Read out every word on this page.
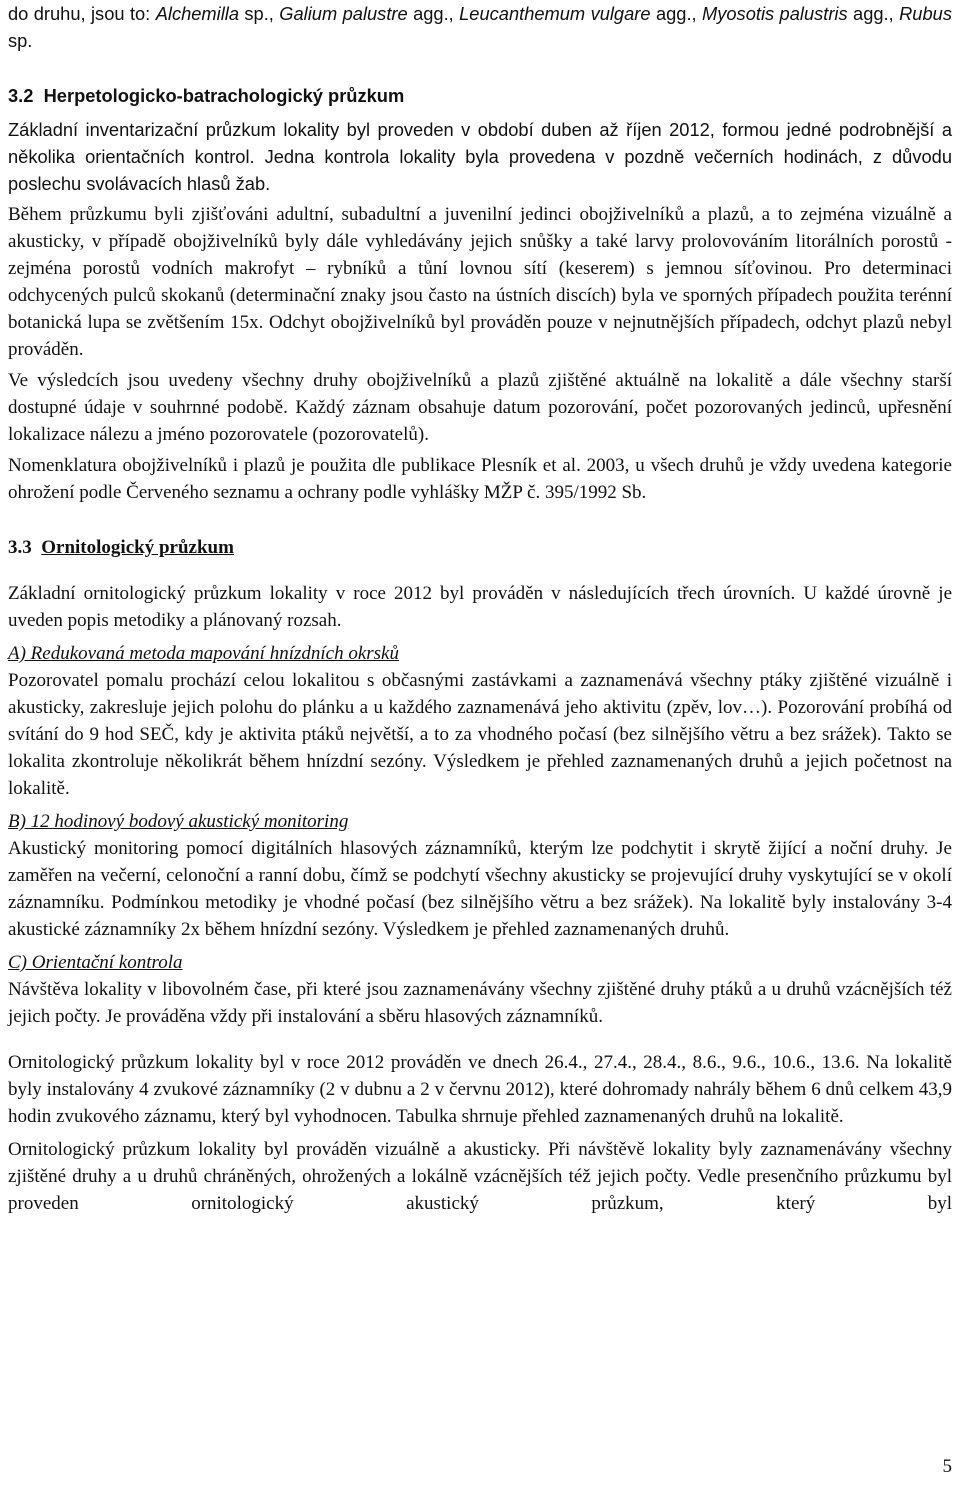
do druhu, jsou to: Alchemilla sp., Galium palustre agg., Leucanthemum vulgare agg., Myosotis palustris agg., Rubus sp.

3.2 Herpetologicko-batrachologický průzkum

Základní inventarizační průzkum lokality byl proveden v období duben až říjen 2012, formou jedné podrobnější a několika orientačních kontrol. Jedna kontrola lokality byla provedena v pozdně večerních hodinách, z důvodu poslechu svolávacích hlasů žab.

Během průzkumu byli zjišťováni adultní, subadultní a juvenilní jedinci obojživelníků a plazů, a to zejména vizuálně a akusticky, v případě obojživelníků byly dále vyhledávány jejich snůšky a také larvy prolovováním litorálních porostů - zejména porostů vodních makrofyt – rybníků a tůní lovnou sítí (keserem) s jemnou síťovinou. Pro determinaci odchycených pulců skokanů (determinační znaky jsou často na ústních discích) byla ve sporných případech použita terénní botanická lupa se zvětšením 15x. Odchyt obojživelníků byl prováděn pouze v nejnutnějších případech, odchyt plazů nebyl prováděn.

Ve výsledcích jsou uvedeny všechny druhy obojživelníků a plazů zjištěné aktuálně na lokalitě a dále všechny starší dostupné údaje v souhrnné podobě. Každý záznam obsahuje datum pozorování, počet pozorovaných jedinců, upřesnění lokalizace nálezu a jméno pozorovatele (pozorovatelů).

Nomenklatura obojživelníků i plazů je použita dle publikace Plesník et al. 2003, u všech druhů je vždy uvedena kategorie ohrožení podle Červeného seznamu a ochrany podle vyhlášky MŽP č. 395/1992 Sb.

3.3 Ornitologický průzkum

Základní ornitologický průzkum lokality v roce 2012 byl prováděn v následujících třech úrovních. U každé úrovně je uveden popis metodiky a plánovaný rozsah.

A) Redukovaná metoda mapování hnízdních okrsků

Pozorovatel pomalu prochází celou lokalitou s občasnými zastávkami a zaznamenává všechny ptáky zjištěné vizuálně i akusticky, zakresluje jejich polohu do plánku a u každého zaznamenává jeho aktivitu (zpěv, lov…). Pozorování probíhá od svítání do 9 hod SEČ, kdy je aktivita ptáků největší, a to za vhodného počasí (bez silnějšího větru a bez srážek). Takto se lokalita zkontroluje několikrát během hnízdní sezóny. Výsledkem je přehled zaznamenaných druhů a jejich početnost na lokalitě.

B) 12 hodinový bodový akustický monitoring

Akustický monitoring pomocí digitálních hlasových záznamníků, kterým lze podchytit i skrytě žijící a noční druhy. Je zaměřen na večerní, celonoční a ranní dobu, čímž se podchytí všechny akusticky se projevující druhy vyskytující se v okolí záznamníku. Podmínkou metodiky je vhodné počasí (bez silnějšího větru a bez srážek). Na lokalitě byly instalovány 3-4 akustické záznamníky 2x během hnízdní sezóny. Výsledkem je přehled zaznamenaných druhů.

C) Orientační kontrola

Návštěva lokality v libovolném čase, při které jsou zaznamenávány všechny zjištěné druhy ptáků a u druhů vzácnějších též jejich počty. Je prováděna vždy při instalování a sběru hlasových záznamníků.

Ornitologický průzkum lokality byl v roce 2012 prováděn ve dnech 26.4., 27.4., 28.4., 8.6., 9.6., 10.6., 13.6. Na lokalitě byly instalovány 4 zvukové záznamníky (2 v dubnu a 2 v červnu 2012), které dohromady nahrály během 6 dnů celkem 43,9 hodin zvukového záznamu, který byl vyhodnocen. Tabulka shrnuje přehled zaznamenaných druhů na lokalitě.

Ornitologický průzkum lokality byl prováděn vizuálně a akusticky. Při návštěvě lokality byly zaznamenávány všechny zjištěné druhy a u druhů chráněných, ohrožených a lokálně vzácnějších též jejich počty. Vedle presenčního průzkumu byl proveden ornitologický akustický průzkum, který byl

5
